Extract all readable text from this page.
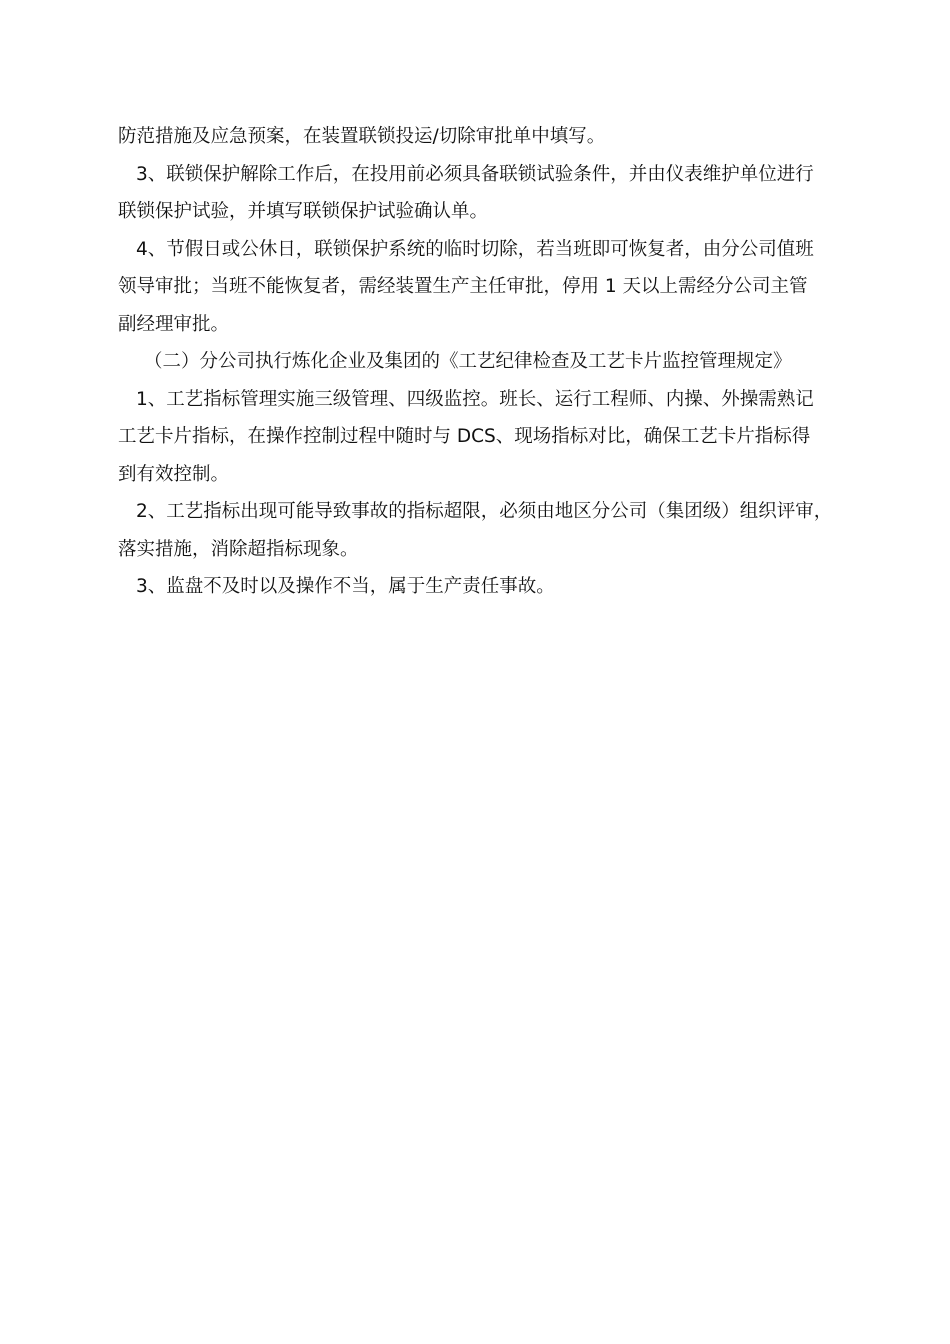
防范措施及应急预案，在装置联锁投运/切除审批单中填写。
3、联锁保护解除工作后，在投用前必须具备联锁试验条件，并由仪表维护单位进行
联锁保护试验，并填写联锁保护试验确认单。
4、节假日或公休日，联锁保护系统的临时切除，若当班即可恢复者，由分公司值班
领导审批；当班不能恢复者，需经装置生产主任审批，停用 1 天以上需经分公司主管
副经理审批。
（二）分公司执行炼化企业及集团的《工艺纪律检查及工艺卡片监控管理规定》
1、工艺指标管理实施三级管理、四级监控。班长、运行工程师、内操、外操需熟记
工艺卡片指标，在操作控制过程中随时与 DCS、现场指标对比，确保工艺卡片指标得
到有效控制。
2、工艺指标出现可能导致事故的指标超限，必须由地区分公司（集团级）组织评审，
落实措施，消除超指标现象。
3、监盘不及时以及操作不当，属于生产责任事故。
